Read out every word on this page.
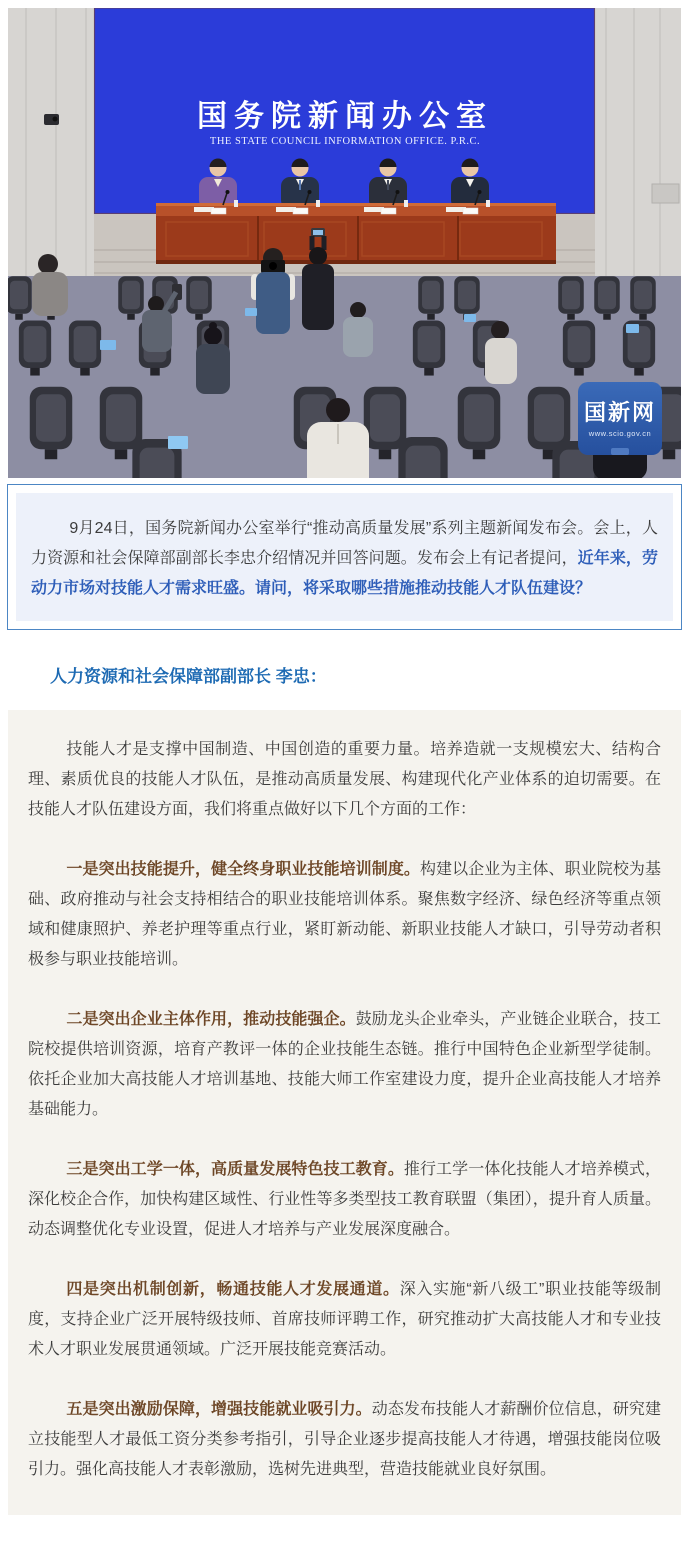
国务院新闻办公室
THE STATE COUNCIL INFORMATION OFFICE. P.R.C.
国新网
www.scio.gov.cn

9月24日，国务院新闻办公室举行“推动高质量发展”系列主题新闻发布会。会上，人力资源和社会保障部副部长李忠介绍情况并回答问题。发布会上有记者提问，近年来，劳动力市场对技能人才需求旺盛。请问，将采取哪些措施推动技能人才队伍建设？

人力资源和社会保障部副部长 李忠：

技能人才是支撑中国制造、中国创造的重要力量。培养造就一支规模宏大、结构合理、素质优良的技能人才队伍，是推动高质量发展、构建现代化产业体系的迫切需要。在技能人才队伍建设方面，我们将重点做好以下几个方面的工作：

一是突出技能提升，健全终身职业技能培训制度。构建以企业为主体、职业院校为基础、政府推动与社会支持相结合的职业技能培训体系。聚焦数字经济、绿色经济等重点领域和健康照护、养老护理等重点行业，紧盯新动能、新职业技能人才缺口，引导劳动者积极参与职业技能培训。

二是突出企业主体作用，推动技能强企。鼓励龙头企业牵头，产业链企业联合，技工院校提供培训资源，培育产教评一体的企业技能生态链。推行中国特色企业新型学徒制。依托企业加大高技能人才培训基地、技能大师工作室建设力度，提升企业高技能人才培养基础能力。

三是突出工学一体，高质量发展特色技工教育。推行工学一体化技能人才培养模式，深化校企合作，加快构建区域性、行业性等多类型技工教育联盟（集团），提升育人质量。动态调整优化专业设置，促进人才培养与产业发展深度融合。

四是突出机制创新，畅通技能人才发展通道。深入实施“新八级工”职业技能等级制度，支持企业广泛开展特级技师、首席技师评聘工作，研究推动扩大高技能人才和专业技术人才职业发展贯通领域。广泛开展技能竞赛活动。

五是突出激励保障，增强技能就业吸引力。动态发布技能人才薪酬价位信息，研究建立技能型人才最低工资分类参考指引，引导企业逐步提高技能人才待遇，增强技能岗位吸引力。强化高技能人才表彰激励，选树先进典型，营造技能就业良好氛围。
